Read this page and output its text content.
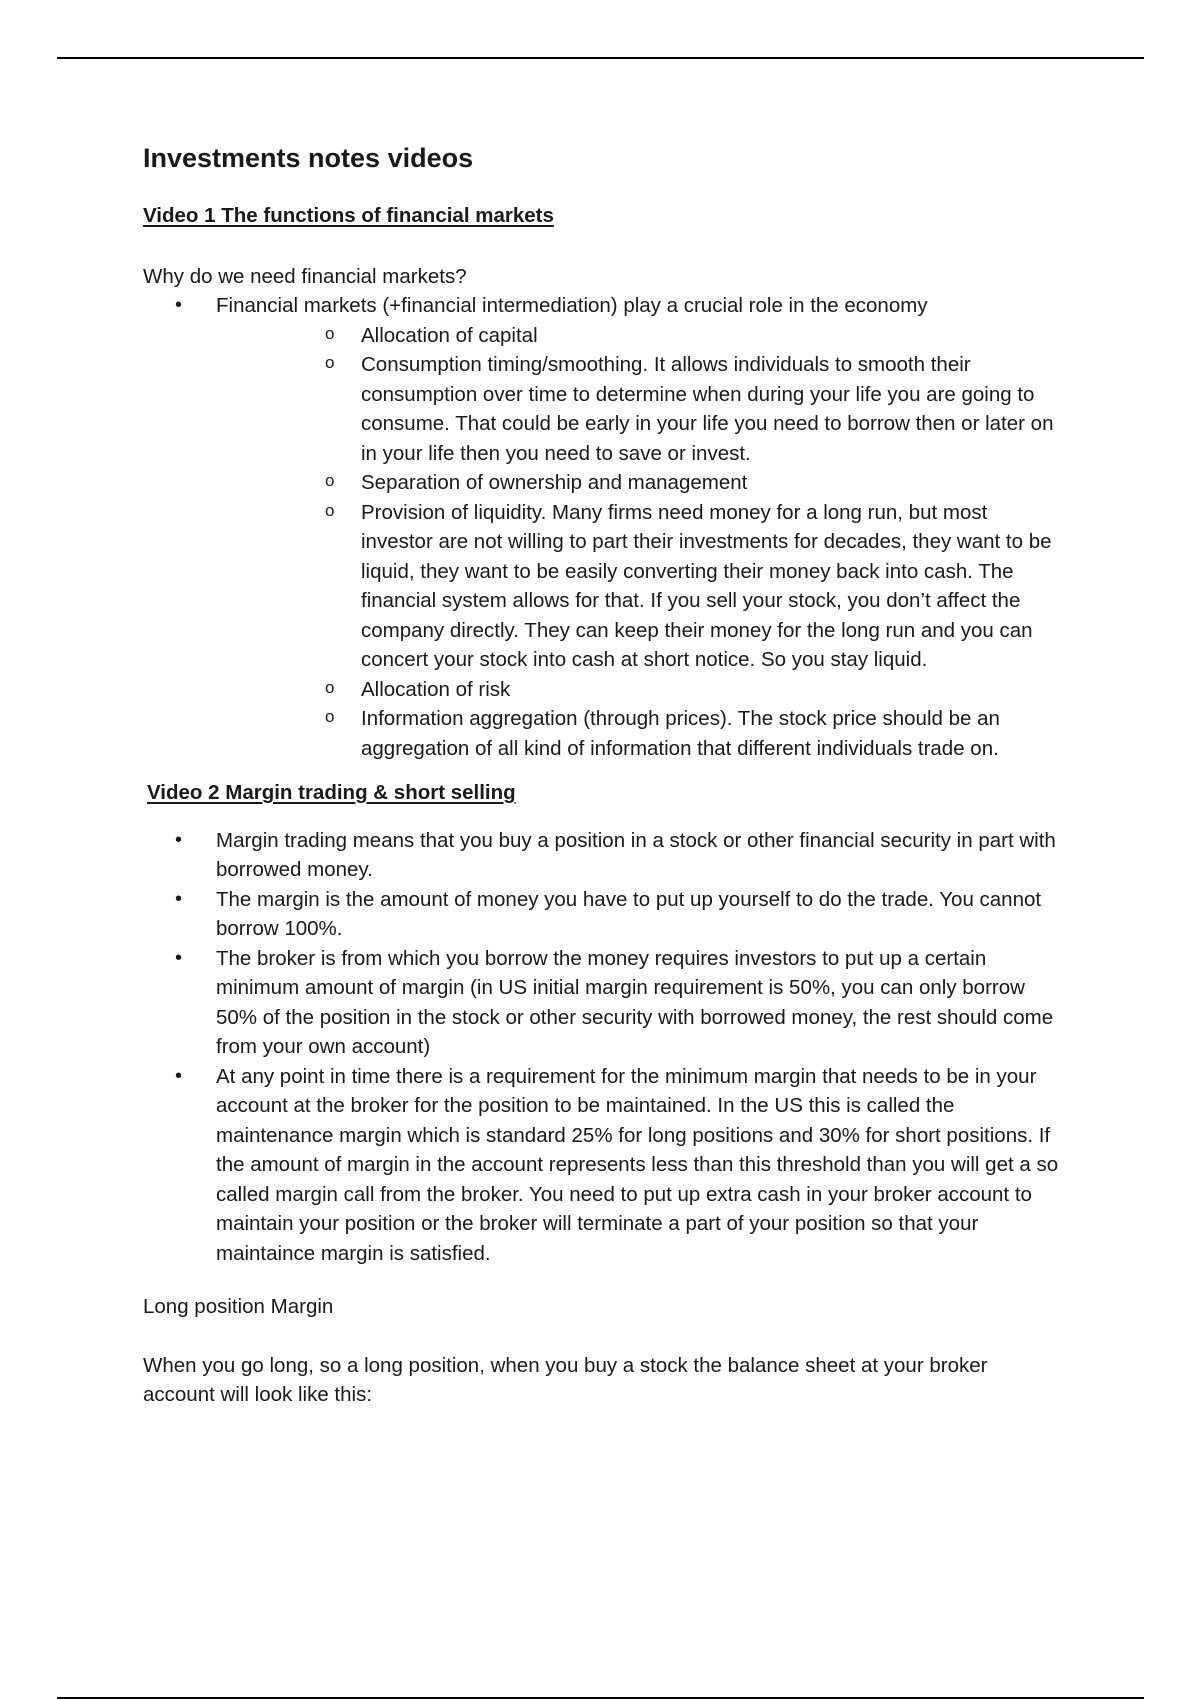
Investments notes videos
Video 1 The functions of financial markets

Why do we need financial markets?

• Financial markets (+financial intermediation) play a crucial role in the economy
o Allocation of capital
o Consumption timing/smoothing. It allows individuals to smooth their consumption over time to determine when during your life you are going to consume. That could be early in your life you need to borrow then or later on in your life then you need to save or invest.
o Separation of ownership and management
o Provision of liquidity. Many firms need money for a long run, but most investor are not willing to part their investments for decades, they want to be liquid, they want to be easily converting their money back into cash. The financial system allows for that. If you sell your stock, you don’t affect the company directly. They can keep their money for the long run and you can concert your stock into cash at short notice. So you stay liquid.
o Allocation of risk
o Information aggregation (through prices). The stock price should be an aggregation of all kind of information that different individuals trade on.
Video 2 Margin trading & short selling
• Margin trading means that you buy a position in a stock or other financial security in part with borrowed money.
• The margin is the amount of money you have to put up yourself to do the trade. You cannot borrow 100%.
• The broker is from which you borrow the money requires investors to put up a certain minimum amount of margin (in US initial margin requirement is 50%, you can only borrow 50% of the position in the stock or other security with borrowed money, the rest should come from your own account)
• At any point in time there is a requirement for the minimum margin that needs to be in your account at the broker for the position to be maintained. In the US this is called the maintenance margin which is standard 25% for long positions and 30% for short positions. If the amount of margin in the account represents less than this threshold than you will get a so called margin call from the broker. You need to put up extra cash in your broker account to maintain your position or the broker will terminate a part of your position so that your maintaince margin is satisfied.

Long position Margin

When you go long, so a long position, when you buy a stock the balance sheet at your broker account will look like this:
